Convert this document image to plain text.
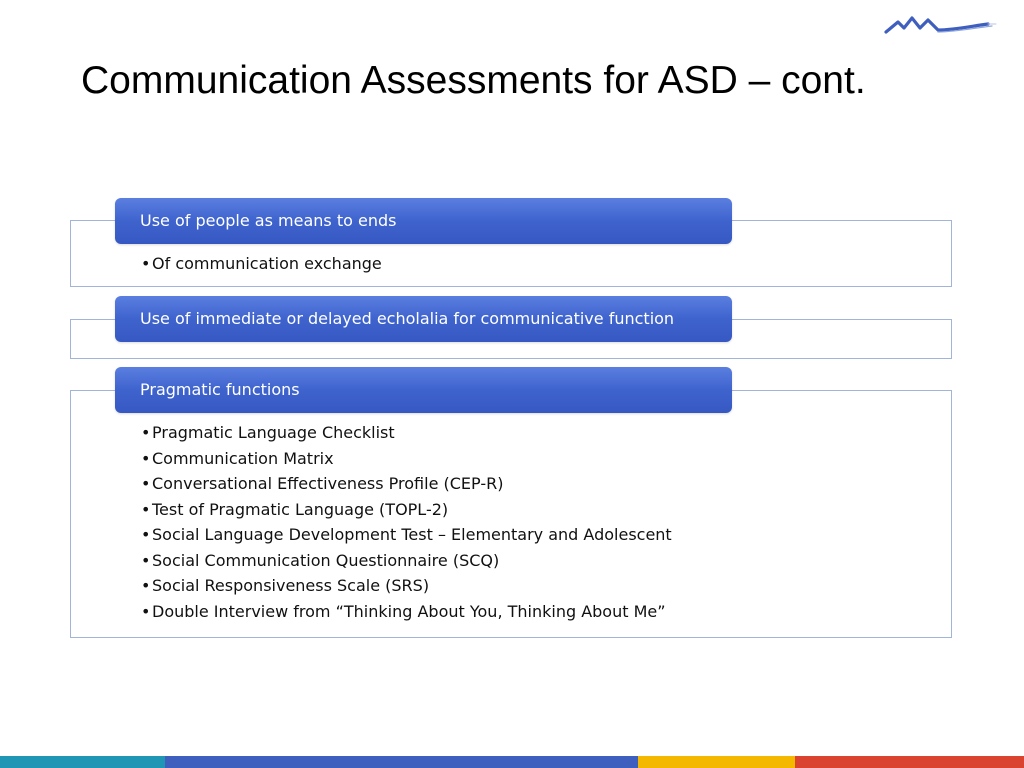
Communication Assessments for ASD – cont.
Use of people as means to ends
•Of communication exchange
Use of immediate or delayed echolalia for communicative function
Pragmatic functions
•Pragmatic Language Checklist
•Communication Matrix
•Conversational Effectiveness Profile (CEP-R)
•Test of Pragmatic Language (TOPL-2)
•Social Language Development Test – Elementary and Adolescent
•Social Communication Questionnaire (SCQ)
•Social Responsiveness Scale (SRS)
•Double Interview from “Thinking About You, Thinking About Me”
